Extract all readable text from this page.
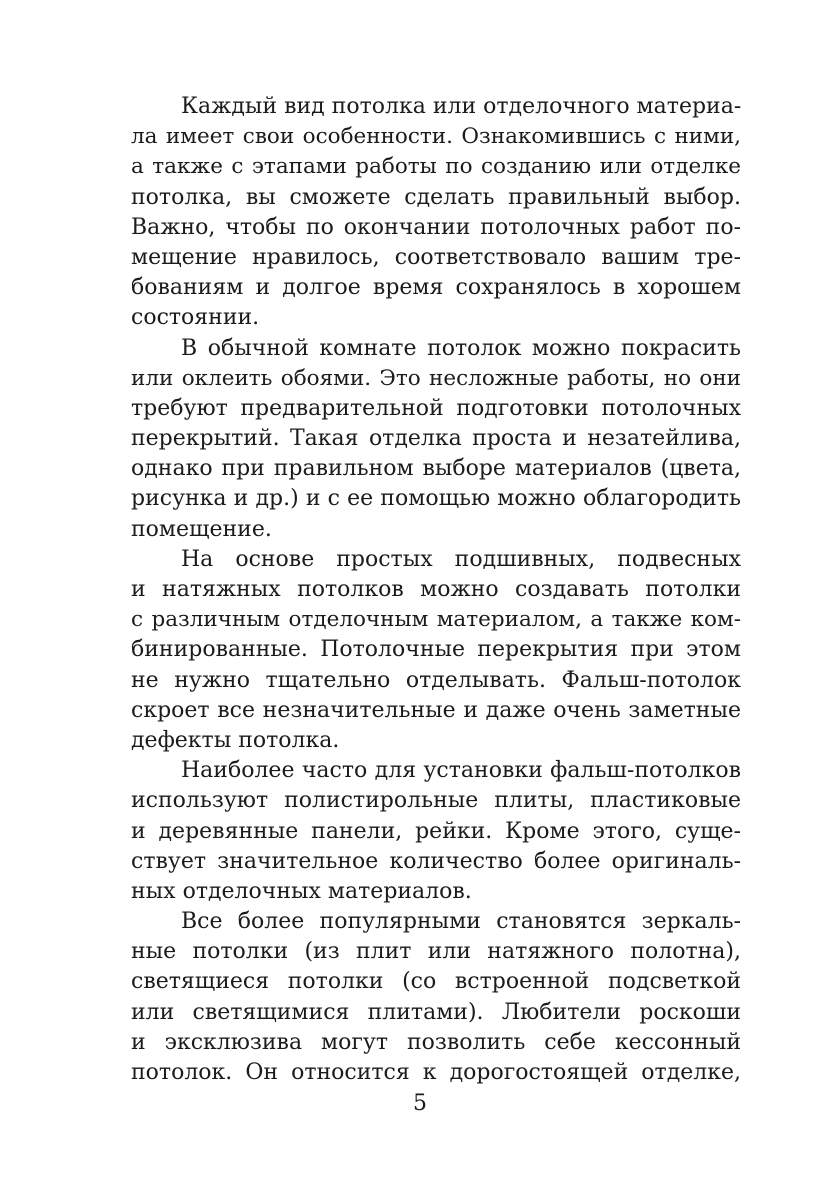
Каждый вид потолка или отделочного материа-
ла имеет свои особенности. Ознакомившись с ними,
а также с этапами работы по созданию или отделке
потолка, вы сможете сделать правильный выбор.
Важно, чтобы по окончании потолочных работ по-
мещение нравилось, соответствовало вашим тре-
бованиям и долгое время сохранялось в хорошем
состоянии.

В обычной комнате потолок можно покрасить
или оклеить обоями. Это несложные работы, но они
требуют предварительной подготовки потолочных
перекрытий. Такая отделка проста и незатейлива,
однако при правильном выборе материалов (цвета,
рисунка и др.) и с ее помощью можно облагородить
помещение.

На основе простых подшивных, подвесных
и натяжных потолков можно создавать потолки
с различным отделочным материалом, а также ком-
бинированные. Потолочные перекрытия при этом
не нужно тщательно отделывать. Фальш-потолок
скроет все незначительные и даже очень заметные
дефекты потолка.

Наиболее часто для установки фальш-потолков
используют полистирольные плиты, пластиковые
и деревянные панели, рейки. Кроме этого, суще-
ствует значительное количество более оригиналь-
ных отделочных материалов.

Все более популярными становятся зеркаль-
ные потолки (из плит или натяжного полотна),
светящиеся потолки (со встроенной подсветкой
или светящимися плитами). Любители роскоши
и эксклюзива могут позволить себе кессонный
потолок. Он относится к дорогостоящей отделке,

5
